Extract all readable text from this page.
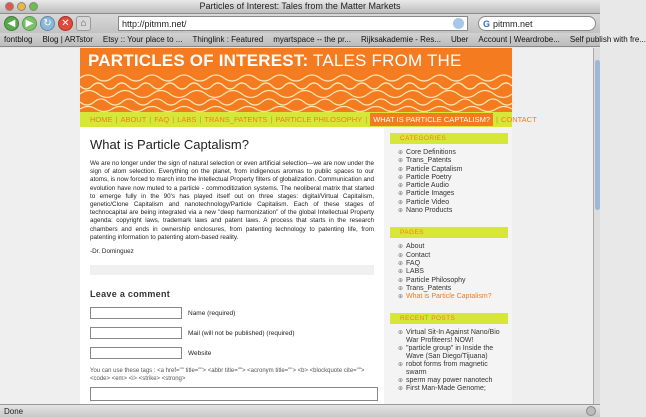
Particles of Interest: Tales from the Matter Markets
◀ ▶ ↻ ✕ ⌂	http://pitmm.net/	G pitmm.net
fontblog Blog | ARTstor Etsy :: Your place to ... Thinglink : Featured myartspace -- the pr... Rijksakademie - Res... Uber Account | Weardrobe... Self publish with fre...
PARTICLES OF INTEREST: TALES FROM THE
HOME | ABOUT | FAQ | LABS | TRANS_PATENTS | PARTICLE PHILOSOPHY | WHAT IS PARTICLE CAPTALISM? | CONTACT
What is Particle Captalism?
We are no longer under the sign of natural selection or even artificial selection—we are now under the sign of atom selection. Everything on the planet, from indigenous aromas to public spaces to our atoms, is now forced to march into the Intellectual Property filters of globalization. Communication and evolution have now muted to a particle - commoditization systems. The neoliberal matrix that started to emerge fully in the 90's has played itself out on three stages: digital/Virtual Capitalism, genetic/Clone Capitalism and nanotechnology/Particle Capitalism. Each of these stages of technocapital are being integrated via a new "deep harmonization" of the global Intellectual Property agenda: copyright laws, trademark laws and patent laws. A process that starts in the research chambers and ends in ownership enclosures, from patenting technology to patenting life, from patenting information to patenting atom-based reality.
-Dr. Dominguez
Leave a comment
Name (required)
Mail (will not be published) (required)
Website
You can use these tags : <a href="" title=""> <abbr title=""> <acronym title=""> <b> <blockquote cite=""> <code> <em> <i> <strike> <strong>
CATEGORIES
⊕ Core Definitions
⊕ Trans_Patents
⊕ Particle Captalism
⊕ Particle Poetry
⊕ Particle Audio
⊕ Particle Images
⊕ Particle Video
⊕ Nano Products
PAGES
⊕ About
⊕ Contact
⊕ FAQ
⊕ LABS
⊕ Particle Philosophy
⊕ Trans_Patents
⊕ What is Particle Captalism?
RECENT POSTS
⊕ Virtual Sit-In Against Nano/Bio War Profiteers! NOW!
⊕ "particle group" in Inside the Wave (San Diego/Tijuana)
⊕ robot forms from magnetic swarm
⊕ sperm may power nanotech
⊕ First Man-Made Genome;
Done
